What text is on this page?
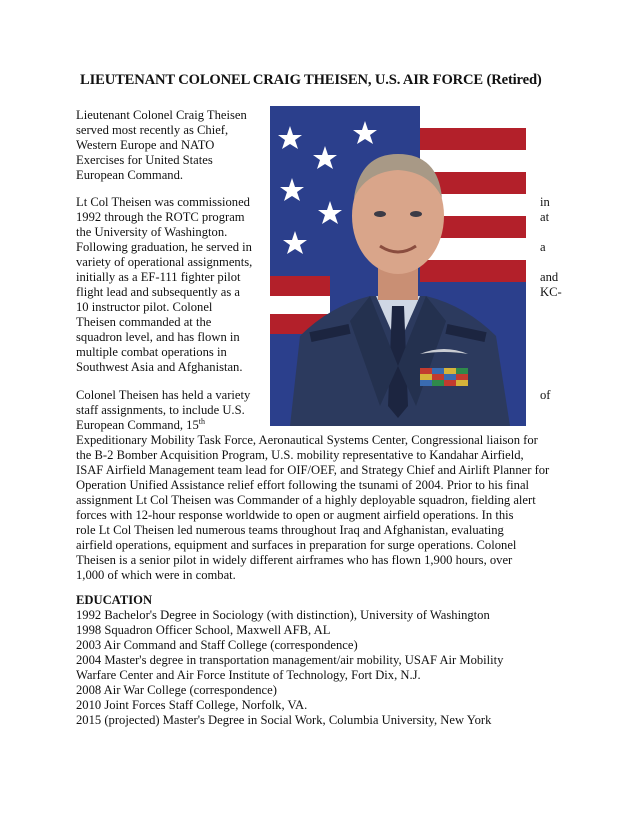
LIEUTENANT COLONEL CRAIG THEISEN, U.S. AIR FORCE (Retired)
Lieutenant Colonel Craig Theisen
served most recently as Chief,
Western Europe and NATO
Exercises for United States
European Command.
Lt Col Theisen was commissioned
1992 through the ROTC program
the University of Washington.
Following graduation, he served in
variety of operational assignments,
initially as a EF-111 fighter pilot
flight lead and subsequently as a
10 instructor pilot. Colonel
Theisen commanded at the
squadron level, and has flown in
multiple combat operations in
Southwest Asia and Afghanistan.
in
at
a
and
KC-
Colonel Theisen has held a variety	of
staff assignments, to include U.S.
European Command, 15th
Expeditionary Mobility Task Force, Aeronautical Systems Center, Congressional liaison for
the B-2 Bomber Acquisition Program, U.S. mobility representative to Kandahar Airfield,
ISAF Airfield Management team lead for OIF/OEF, and Strategy Chief and Airlift Planner for
Operation Unified Assistance relief effort following the tsunami of 2004. Prior to his final
assignment Lt Col Theisen was Commander of a highly deployable squadron, fielding alert
forces with 12-hour response worldwide to open or augment airfield operations. In this
role Lt Col Theisen led numerous teams throughout Iraq and Afghanistan, evaluating
airfield operations, equipment and surfaces in preparation for surge operations. Colonel
Theisen is a senior pilot in widely different airframes who has flown 1,900 hours, over
1,000 of which were in combat.
EDUCATION
1992 Bachelor's Degree in Sociology (with distinction), University of Washington
1998 Squadron Officer School, Maxwell AFB, AL
2003 Air Command and Staff College (correspondence)
2004 Master's degree in transportation management/air mobility, USAF Air Mobility
Warfare Center and Air Force Institute of Technology, Fort Dix, N.J.
2008 Air War College (correspondence)
2010 Joint Forces Staff College, Norfolk, VA.
2015 (projected) Master's Degree in Social Work, Columbia University, New York
